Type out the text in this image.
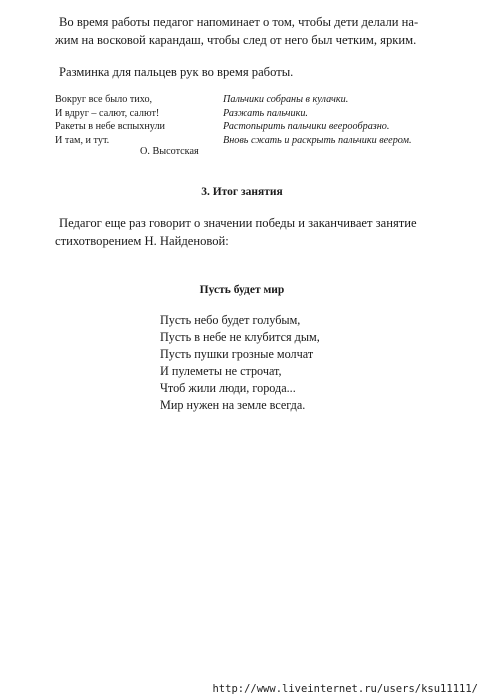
Во время работы педагог напоминает о том, чтобы дети делали на-
жим на восковой карандаш, чтобы след от него был четким, ярким.

Разминка для пальцев рук во время работы.

Вокруг все было тихо,	Пальчики собраны в кулачки.
И вдруг – салют, салют!	Разжать пальчики.
Ракеты в небе вспыхнули	Растопырить пальчики веерообразно.
И там, и тут.	Вновь сжать и раскрыть пальчики веером.
О. Высотская
3. Итог занятия

Педагог еще раз говорит о значении победы и заканчивает занятие
стихотворением Н. Найденовой:

Пусть будет мир
Пусть небо будет голубым,
Пусть в небе не клубится дым,
Пусть пушки грозные молчат
И пулеметы не строчат,
Чтоб жили люди, города...
Мир нужен на земле всегда.
http://www.liveinternet.ru/users/ksu11111/
